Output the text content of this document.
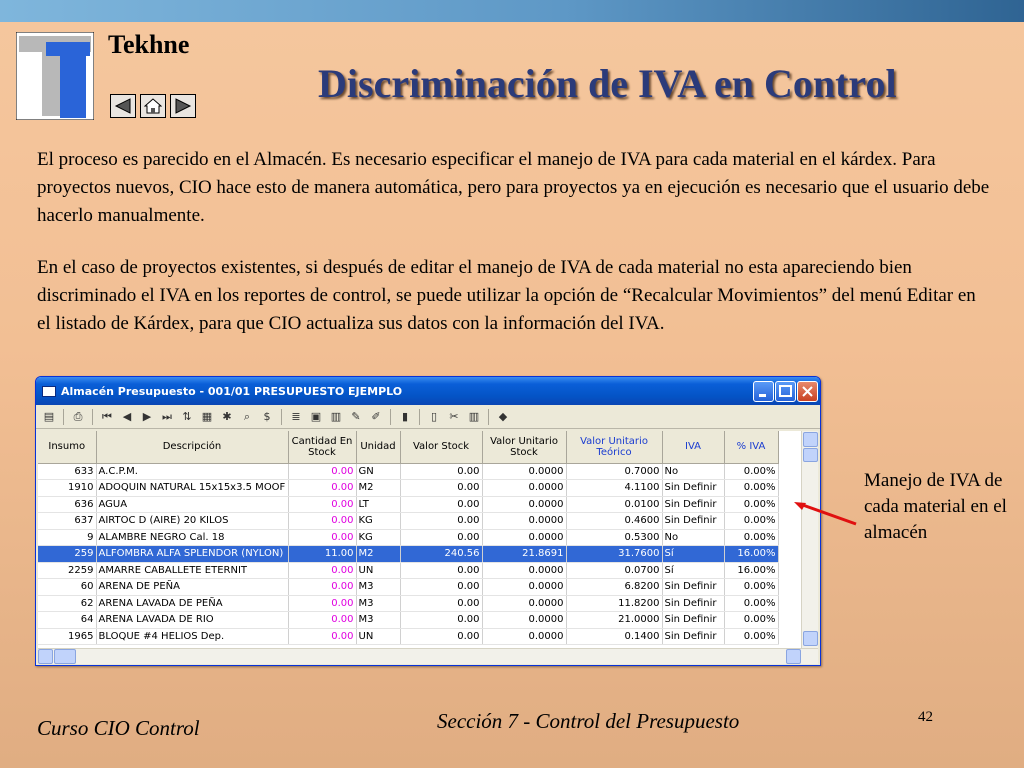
Tekhne
Discriminación de IVA en Control
El proceso es parecido en el Almacén. Es necesario especificar el manejo de IVA para cada material en el kárdex. Para proyectos nuevos, CIO hace esto de manera automática, pero para proyectos ya en ejecución es necesario que el usuario debe hacerlo manualmente.
En el caso de proyectos existentes, si después de editar el manejo de IVA de cada material no esta apareciendo bien discriminado el IVA en los reportes de control, se puede utilizar la opción de “Recalcular Movimientos” del menú Editar en el listado de Kárdex, para que CIO actualiza sus datos con la información del IVA.
Almacén Presupuesto - 001/01 PRESUPUESTO EJEMPLO
▤	⎙	⏮ ◀	▶ ⏭ ⇅ ▦ ✱	⌕	$	≣ ▣ ▥ ✎ ✐	▮	▯	✂ ▥	◆
Insumo	Descripción	Cantidad En Stock	Unidad	Valor Stock	Valor Unitario Stock	Valor Unitario Teórico	IVA	% IVA
633	A.C.P.M.	0.00	GN	0.00	0.0000	0.7000	No	0.00%
1910	ADOQUIN NATURAL 15x15x3.5 MOOF	0.00	M2	0.00	0.0000	4.1100	Sin Definir	0.00%
636	AGUA	0.00	LT	0.00	0.0000	0.0100	Sin Definir	0.00%
637	AIRTOC D (AIRE) 20 KILOS	0.00	KG	0.00	0.0000	0.4600	Sin Definir	0.00%
9	ALAMBRE NEGRO Cal. 18	0.00	KG	0.00	0.0000	0.5300	No	0.00%
259	ALFOMBRA ALFA SPLENDOR (NYLON)	11.00	M2	240.56	21.8691	31.7600	Sí	16.00%
2259	AMARRE CABALLETE ETERNIT	0.00	UN	0.00	0.0000	0.0700	Sí	16.00%
60	ARENA DE PEÑA	0.00	M3	0.00	0.0000	6.8200	Sin Definir	0.00%
62	ARENA LAVADA DE PEÑA	0.00	M3	0.00	0.0000	11.8200	Sin Definir	0.00%
64	ARENA LAVADA DE RIO	0.00	M3	0.00	0.0000	21.0000	Sin Definir	0.00%
1965	BLOQUE #4 HELIOS Dep.	0.00	UN	0.00	0.0000	0.1400	Sin Definir	0.00%
Manejo de IVA de cada material en el almacén
Curso CIO Control	Sección 7 - Control del Presupuesto	42
